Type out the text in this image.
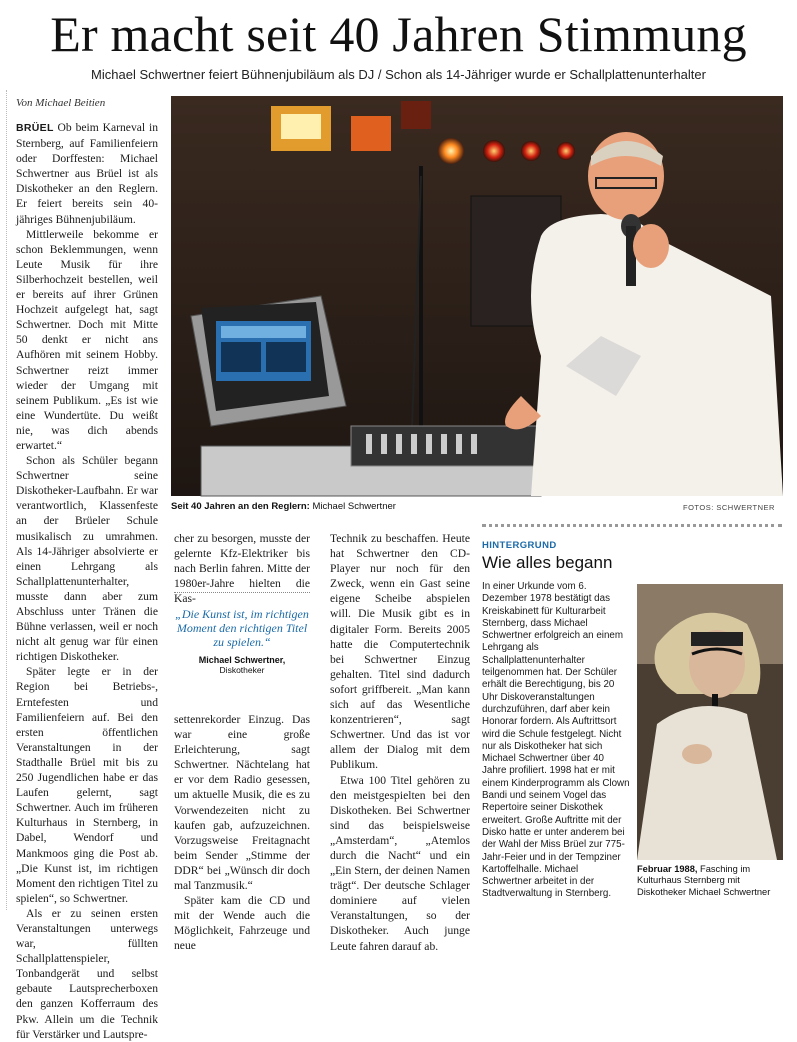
Er macht seit 40 Jahren Stimmung
Michael Schwertner feiert Bühnenjubiläum als DJ / Schon als 14-Jähriger wurde er Schallplattenunterhalter
Von Michael Beitien

BRÜEL Ob beim Karneval in Sternberg, auf Familienfeiern oder Dorffesten: Michael Schwertner aus Brüel ist als Diskotheker an den Reglern. Er feiert bereits sein 40-jähriges Bühnenjubiläum.

Mittlerweile bekomme er schon Beklemmungen, wenn Leute Musik für ihre Silberhochzeit bestellen, weil er bereits auf ihrer Grünen Hochzeit aufgelegt hat, sagt Schwertner. Doch mit Mitte 50 denkt er nicht ans Aufhören mit seinem Hobby. Schwertner reizt immer wieder der Umgang mit seinem Publikum. „Es ist wie eine Wundertüte. Du weißt nie, was dich abends erwartet.“

Schon als Schüler begann Schwertner seine Diskotheker-Laufbahn. Er war verantwortlich, Klassenfeste an der Brüeler Schule musikalisch zu umrahmen. Als 14-Jähriger absolvierte er einen Lehrgang als Schallplattenunterhalter, musste dann aber zum Abschluss unter Tränen die Bühne verlassen, weil er noch nicht alt genug war für einen richtigen Diskotheker.

Später legte er in der Region bei Betriebs-, Erntefesten und Familienfeiern auf. Bei den ersten öffentlichen Veranstaltungen in der Stadthalle Brüel mit bis zu 250 Jugendlichen habe er das Laufen gelernt, sagt Schwertner. Auch im früheren Kulturhaus in Sternberg, in Dabel, Wendorf und Mankmoos ging die Post ab. „Die Kunst ist, im richtigen Moment den richtigen Titel zu spielen“, so Schwertner.

Als er zu seinen ersten Veranstaltungen unterwegs war, füllten Schallplattenspieler, Tonbandgerät und selbst gebaute Lautsprecherboxen den ganzen Kofferraum des Pkw. Allein um die Technik für Verstärker und Lautspre-

Seit 40 Jahren an den Reglern: Michael Schwertner	FOTOS: SCHWERTNER

cher zu besorgen, musste der gelernte Kfz-Elektriker bis nach Berlin fahren. Mitte der 1980er-Jahre hielten die Kas-

„Die Kunst ist, im richtigen Moment den richtigen Titel zu spielen.“
Michael Schwertner,
Diskotheker

settenrekorder Einzug. Das war eine große Erleichterung, sagt Schwertner. Nächtelang hat er vor dem Radio gesessen, um aktuelle Musik, die es zu Vorwendezeiten nicht zu kaufen gab, aufzuzeichnen. Vorzugsweise Freitagnacht beim Sender „Stimme der DDR“ bei „Wünsch dir doch mal Tanzmusik.“

Später kam die CD und mit der Wende auch die Möglichkeit, Fahrzeuge und neue

Technik zu beschaffen. Heute hat Schwertner den CD-Player nur noch für den Zweck, wenn ein Gast seine eigene Scheibe abspielen will. Die Musik gibt es in digitaler Form. Bereits 2005 hatte die Computertechnik bei Schwertner Einzug gehalten. Titel sind dadurch sofort griffbereit. „Man kann sich auf das Wesentliche konzentrieren“, sagt Schwertner. Und das ist vor allem der Dialog mit dem Publikum.

Etwa 100 Titel gehören zu den meistgespielten bei den Diskotheken. Bei Schwertner sind das beispielsweise „Amsterdam“, „Atemlos durch die Nacht“ und ein „Ein Stern, der deinen Namen trägt“. Der deutsche Schlager dominiere auf vielen Veranstaltungen, so der Diskotheker. Auch junge Leute fahren darauf ab.

HINTERGRUND
Wie alles begann
In einer Urkunde vom 6. Dezember 1978 bestätigt das Kreiskabinett für Kulturarbeit Sternberg, dass Michael Schwertner erfolgreich an einem Lehrgang als Schallplattenunterhalter teilgenommen hat. Der Schüler erhält die Berechtigung, bis 20 Uhr Diskoveranstaltungen durchzuführen, darf aber kein Honorar fordern. Als Auftrittsort wird die Schule festgelegt. Nicht nur als Diskotheker hat sich Michael Schwertner über 40 Jahre profiliert. 1998 hat er mit einem Kinderprogramm als Clown Bandi und seinem Vogel das Repertoire seiner Diskothek erweitert. Große Auftritte mit der Disko hatte er unter anderem bei der Wahl der Miss Brüel zur 775-Jahr-Feier und in der Tempziner Kartoffelhalle. Michael Schwertner arbeitet in der Stadtverwaltung in Sternberg.
Februar 1988, Fasching im Kulturhaus Sternberg mit Diskotheker Michael Schwertner
